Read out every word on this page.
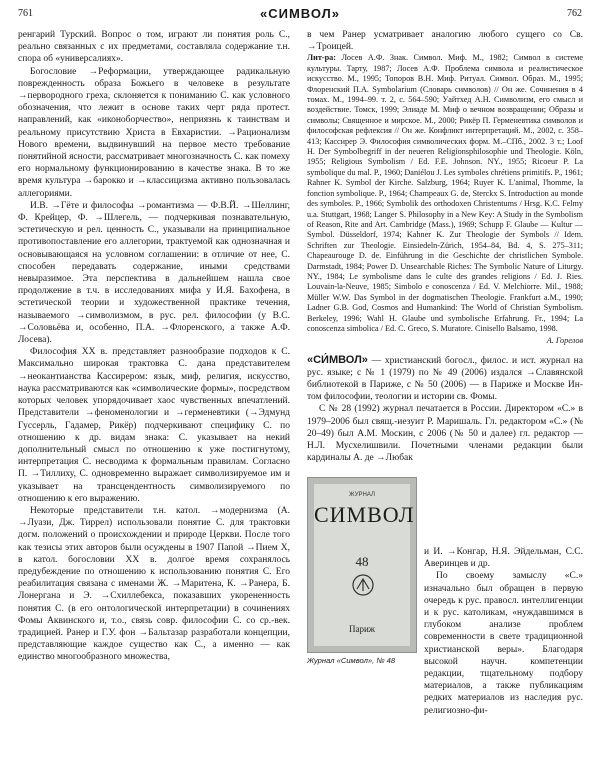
761	«СИМВОЛ»	762

ренгарий Турский. Вопрос о том, играют ли понятия роль С., реально связанных с их предметами, составляла содержание т.н. спора об «универсалиях».

Богословие →Реформации, утверждающее радикальную поврежденность образа Божьего в человеке в результате →первородного греха, склоняется к пониманию С. как условного обозначения, что лежит в основе таких черт ряда протест. направлений, как «иконоборчество», неприязнь к таинствам и реальному присутствию Христа в Евхаристии. →Рационализм Нового времени, выдвинувший на первое место требование понятийной ясности, рассматривает многозначность С. как помеху его нормальному функционированию в качестве знака. В то же время культура →барокко и →классицизма активно пользовалась аллегориями.

И.В. →Гёте и философы →романтизма — Ф.В.Й. →Шеллинг, Ф. Крейцер, Ф. →Шлегель, — подчеркивая познавательную, эстетическую и рел. ценность С., указывали на принципиальное противопоставление его аллегории, трактуемой как однозначная и основывающаяся на условном соглашении: в отличие от нее, С. способен передавать содержание, иными средствами невыразимое. Эта перспектива в дальнейшем нашла свое продолжение в т.ч. в исследованиях мифа у И.Я. Бахофена, в эстетической теории и художественной практике течения, называемого →символизмом, в рус. рел. философии (у В.С. →Соловьёва и, особенно, П.А. →Флоренского, а также А.Ф. Лосева).

Философия XX в. представляет разнообразие подходов к С. Максимально широкая трактовка С. дана представителем →неокантианства Кассирером: язык, миф, религия, искусство, наука рассматриваются как «символические формы», посредством которых человек упорядочивает хаос чувственных впечатлений. Представители →феноменологии и →герменевтики (→Эдмунд Гуссерль, Гадамер, Рикёр) подчеркивают специфику С. по отношению к др. видам знака: С. указывает на некий дополнительный смысл по отношению к уже постигнутому, интерпретация С. несводима к формальным правилам. Согласно П. →Тиллиху, С. одновременно выражает символизируемое им и указывает на трансцендентность символизируемого по отношению к его выражению.

Некоторые представители т.н. катол. →модернизма (А. →Луази, Дж. Тиррел) использовали понятие С. для трактовки догм. положений о происхождении и природе Церкви. После того как тезисы этих авторов были осуждены в 1907 Папой →Пием X, в катол. богословии XX в. долгое время сохранялось предубеждение по отношению к использованию понятия С. Его реабилитация связана с именами Ж. →Маритена, К. →Ранера, Б. Лонергана и Э. →Схиллебекса, показавших укорененность понятия С. (в его онтологической интерпретации) в сочинениях Фомы Аквинского и, т.о., связь совр. философии С. со ср.-век. традицией. Ранер и Г.У. фон →Бальтазар разработали концепции, представляющие каждое существо как С., а именно — как единство многообразного множества,

в чем Ранер усматривает аналогию любого сущего со Св. →Троицей.

Лит-ра: Лосев А.Ф. Знак. Символ. Миф. М., 1982; Символ в системе культуры. Тарту, 1987; Лосев А.Ф. Проблема символа и реалистическое искусство. М., 1995; Топоров В.Н. Миф. Ритуал. Символ. Образ. М., 1995; Флоренский П.А. Symbolarium (Словарь символов) // Он же. Сочинения в 4 томах. М., 1994–99. т. 2, с. 564–590; Уайтхед А.Н. Символизм, его смысл и воздействие. Томск, 1999; Элиаде М. Миф о вечном возвращении; Образы и символы; Священное и мирское. М., 2000; Рикёр П. Герменевтика символов и философская рефлексия // Он же. Конфликт интерпретаций. М., 2002, с. 358–413; Кассирер Э. Философия символических форм. М.–СПб., 2002. 3 т.; Loof H. Der Symbolbegriff in der neueren Religionsphilosophie und Theologie. Köln, 1955; Religious Symbolism / Ed. F.E. Johnson. NY., 1955; Ricoeur P. La symbolique du mal. P., 1960; Daniélou J. Les symboles chrétiens primitifs. P., 1961; Rahner K. Symbol der Kirche. Salzburg, 1964; Ruyer K. L'animal, l'homme, la fonction symbolique. P., 1964; Champeaux G. de, Sterckx S. Introduction au monde des symboles. P., 1966; Symbolik des orthodoxen Christentums / Hrsg. K.C. Felmy u.a. Stuttgart, 1968; Langer S. Philosophy in a New Key: A Study in the Symbolism of Reason, Rite and Art. Cambridge (Mass.), 1969; Schupp F. Glaube — Kultur — Symbol. Düsseldorf, 1974; Kahner K. Zur Theologie der Symbols // Idem. Schriften zur Theologie. Einsiedeln-Zürich, 1954–84, Bd. 4, S. 275–311; Chapeaurouge D. de. Einführung in die Geschichte der christlichen Symbole. Darmstadt, 1984; Power D. Unsearchable Riches: The Symbolic Nature of Liturgy. NY., 1984; Le symbolisme dans le culte des grandes religions / Ed. J. Ries. Louvain-la-Neuve, 1985; Simbolo e conoscenza / Ed. V. Melchiorre. Mil., 1988; Müller W.W. Das Symbol in der dogmatischen Theologie. Frankfurt a.M., 1990; Ladner G.B. God, Cosmos and Humankind: The World of Christian Symbolism. Berkeley, 1996; Wahl H. Glaube und symbolische Erfahrung. Fr., 1994; La conoscenza simbolica / Ed. C. Greco, S. Muratore. Cinisello Balsamo, 1998.

А. Горелов

«СИ́МВОЛ» — христианский богосл., филос. и ист. журнал на рус. языке; с № 1 (1979) по № 49 (2006) издался →Славянской библиотекой в Париже, с № 50 (2006) — в Париже и Москве Ин-том философии, теологии и истории св. Фомы.

С № 28 (1992) журнал печатается в России. Директором «С.» в 1979–2006 был свящ.-иезуит Р. Маришаль. Гл. редактором «С.» (№ 20–49) был А.М. Моcкин, с 2006 (№ 50 и далее) гл. редактор — Н.Л. Мусхелишвили. Почетными членами редакции были кардиналы А. де →Любак

ЖУРНАЛ
СИМВОЛ
48
Париж
Журнал «Символ», № 48

и И. →Конгар, Н.Я. Эйдельман, С.С. Аверинцев и др.

По своему замыслу «С.» изначально был обращен в первую очередь к рус. правосл. интеллигенции и к рус. католикам, «нуждавшимся в глубоком анализе проблем современности в свете традиционной христианской веры». Благодаря высокой научн. компетенции редакции, тщательному подбору материалов, а также публикациям редких материалов из наследия рус. религиозно-фи-
